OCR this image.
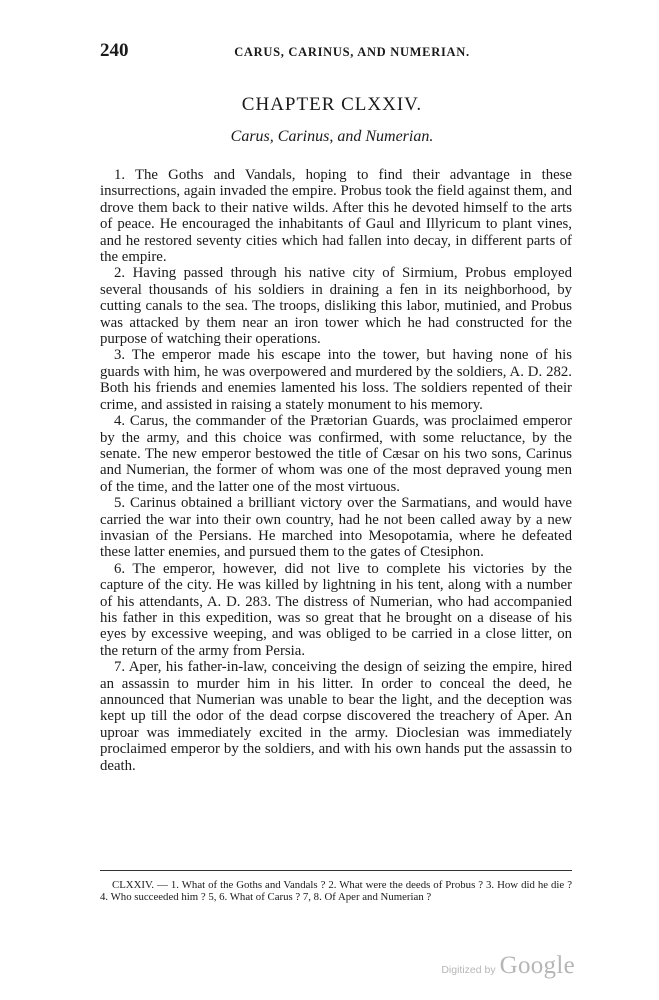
240	CARUS, CARINUS, AND NUMERIAN.
CHAPTER CLXXIV.
Carus, Carinus, and Numerian.

1. The Goths and Vandals, hoping to find their advantage in these insurrections, again invaded the empire. Probus took the field against them, and drove them back to their native wilds. After this he devoted himself to the arts of peace. He encouraged the inhabitants of Gaul and Illyricum to plant vines, and he restored seventy cities which had fallen into decay, in different parts of the empire.

2. Having passed through his native city of Sirmium, Probus employed several thousands of his soldiers in draining a fen in its neighborhood, by cutting canals to the sea. The troops, disliking this labor, mutinied, and Probus was attacked by them near an iron tower which he had constructed for the purpose of watching their operations.

3. The emperor made his escape into the tower, but having none of his guards with him, he was overpowered and murdered by the soldiers, A. D. 282. Both his friends and enemies lamented his loss. The soldiers repented of their crime, and assisted in raising a stately monument to his memory.

4. Carus, the commander of the Prætorian Guards, was proclaimed emperor by the army, and this choice was confirmed, with some reluctance, by the senate. The new emperor bestowed the title of Cæsar on his two sons, Carinus and Numerian, the former of whom was one of the most depraved young men of the time, and the latter one of the most virtuous.

5. Carinus obtained a brilliant victory over the Sarmatians, and would have carried the war into their own country, had he not been called away by a new invasian of the Persians. He marched into Mesopotamia, where he defeated these latter enemies, and pursued them to the gates of Ctesiphon.

6. The emperor, however, did not live to complete his victories by the capture of the city. He was killed by lightning in his tent, along with a number of his attendants, A. D. 283. The distress of Numerian, who had accompanied his father in this expedition, was so great that he brought on a disease of his eyes by excessive weeping, and was obliged to be carried in a close litter, on the return of the army from Persia.

7. Aper, his father-in-law, conceiving the design of seizing the empire, hired an assassin to murder him in his litter. In order to conceal the deed, he announced that Numerian was unable to bear the light, and the deception was kept up till the odor of the dead corpse discovered the treachery of Aper. An uproar was immediately excited in the army. Dioclesian was immediately proclaimed emperor by the soldiers, and with his own hands put the assassin to death.

CLXXIV. — 1. What of the Goths and Vandals ? 2. What were the deeds of Probus ? 3. How did he die ? 4. Who succeeded him ? 5, 6. What of Carus ? 7, 8. Of Aper and Numerian ?

Digitized by Google
